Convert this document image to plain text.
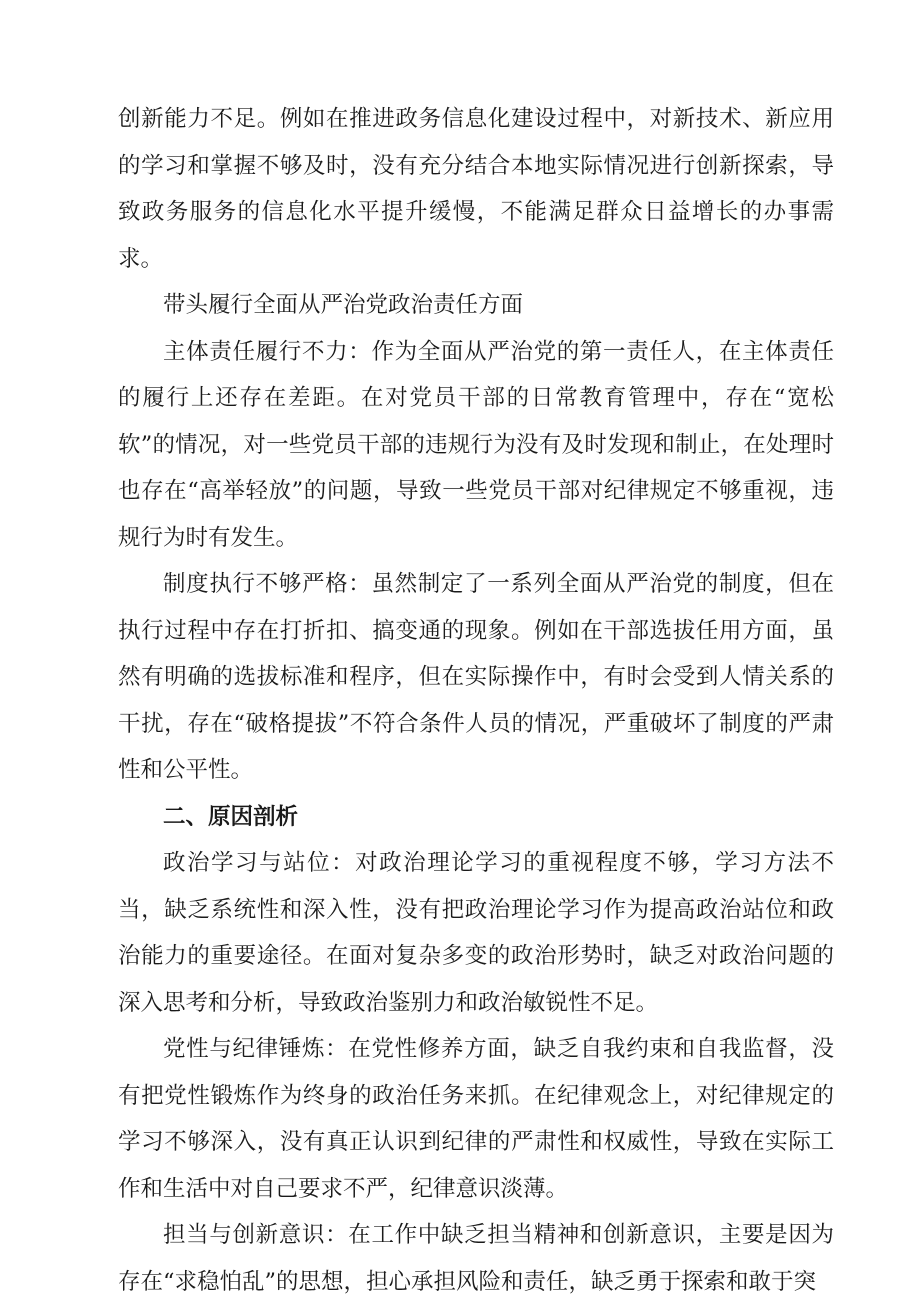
创新能力不足。例如在推进政务信息化建设过程中，对新技术、新应用的学习和掌握不够及时，没有充分结合本地实际情况进行创新探索，导致政务服务的信息化水平提升缓慢，不能满足群众日益增长的办事需求。

带头履行全面从严治党政治责任方面

主体责任履行不力：作为全面从严治党的第一责任人，在主体责任的履行上还存在差距。在对党员干部的日常教育管理中，存在“宽松软”的情况，对一些党员干部的违规行为没有及时发现和制止，在处理时也存在“高举轻放”的问题，导致一些党员干部对纪律规定不够重视，违规行为时有发生。

制度执行不够严格：虽然制定了一系列全面从严治党的制度，但在执行过程中存在打折扣、搞变通的现象。例如在干部选拔任用方面，虽然有明确的选拔标准和程序，但在实际操作中，有时会受到人情关系的干扰，存在“破格提拔”不符合条件人员的情况，严重破坏了制度的严肃性和公平性。

二、原因剖析

政治学习与站位：对政治理论学习的重视程度不够，学习方法不当，缺乏系统性和深入性，没有把政治理论学习作为提高政治站位和政治能力的重要途径。在面对复杂多变的政治形势时，缺乏对政治问题的深入思考和分析，导致政治鉴别力和政治敏锐性不足。

党性与纪律锤炼：在党性修养方面，缺乏自我约束和自我监督，没有把党性锻炼作为终身的政治任务来抓。在纪律观念上，对纪律规定的学习不够深入，没有真正认识到纪律的严肃性和权威性，导致在实际工作和生活中对自己要求不严，纪律意识淡薄。

担当与创新意识：在工作中缺乏担当精神和创新意识，主要是因为存在“求稳怕乱”的思想，担心承担风险和责任，缺乏勇于探索和敢于突
